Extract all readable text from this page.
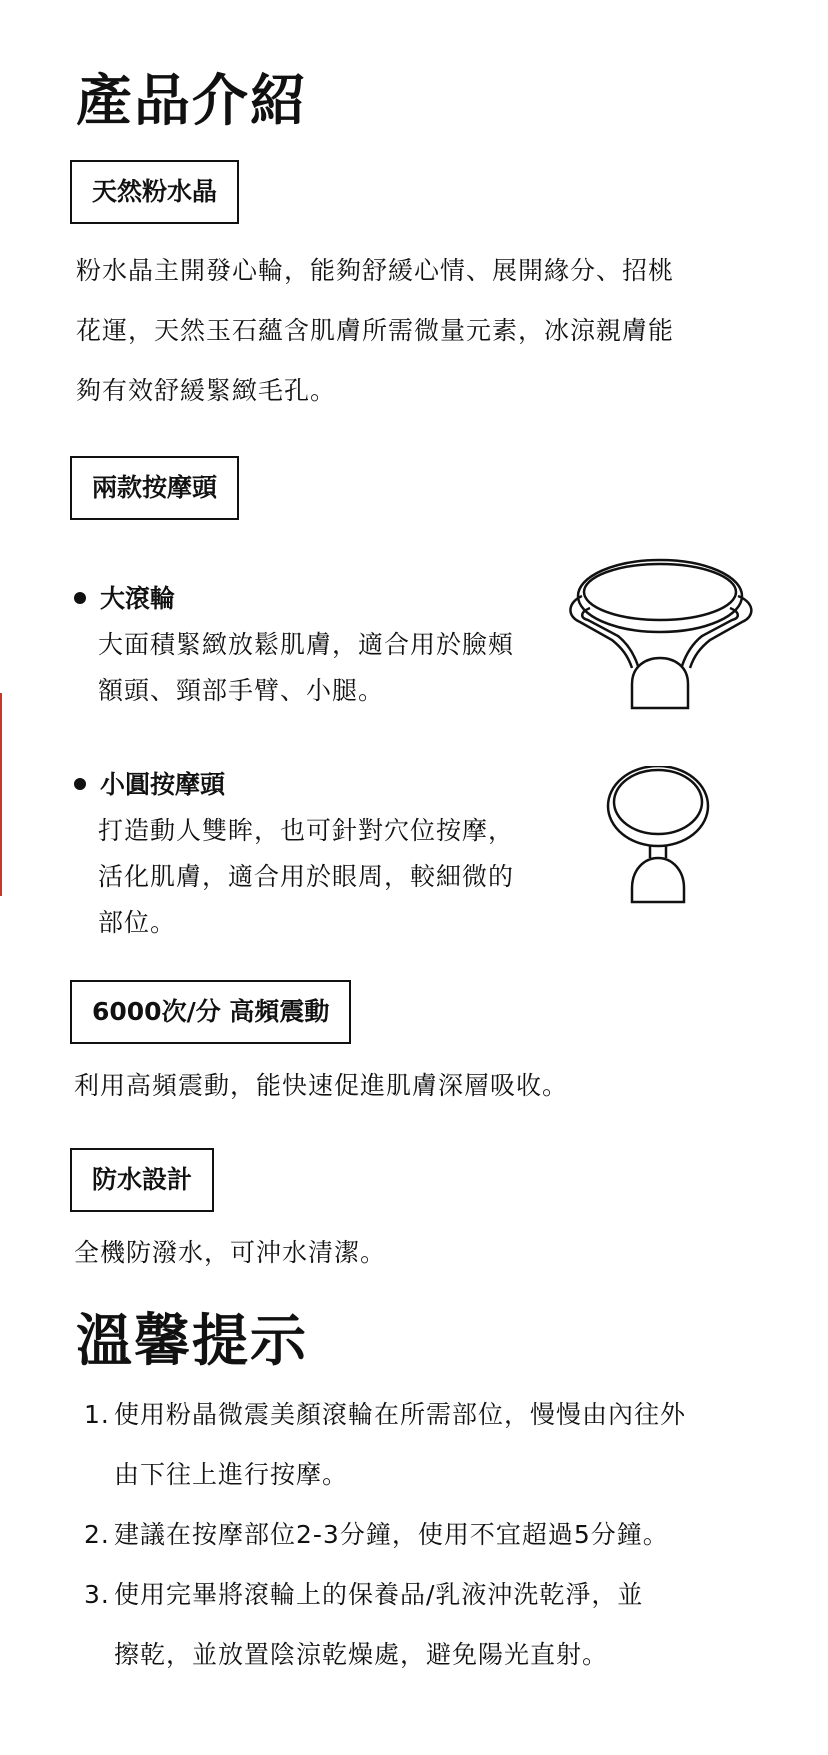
產品介紹
天然粉水晶
粉水晶主開發心輪，能夠舒緩心情、展開緣分、招桃
花運，天然玉石蘊含肌膚所需微量元素，冰涼親膚能
夠有效舒緩緊緻毛孔。
兩款按摩頭
大滾輪
大面積緊緻放鬆肌膚，適合用於臉頰
額頭、頸部手臂、小腿。
小圓按摩頭
打造動人雙眸，也可針對穴位按摩，
活化肌膚，適合用於眼周，較細微的
部位。
6000次/分 高頻震動
利用高頻震動，能快速促進肌膚深層吸收。
防水設計
全機防潑水，可沖水清潔。
溫馨提示
1. 使用粉晶微震美顏滾輪在所需部位，慢慢由內往外
由下往上進行按摩。
2. 建議在按摩部位2-3分鐘，使用不宜超過5分鐘。
3. 使用完畢將滾輪上的保養品/乳液沖洗乾淨，並
擦乾，並放置陰涼乾燥處，避免陽光直射。
